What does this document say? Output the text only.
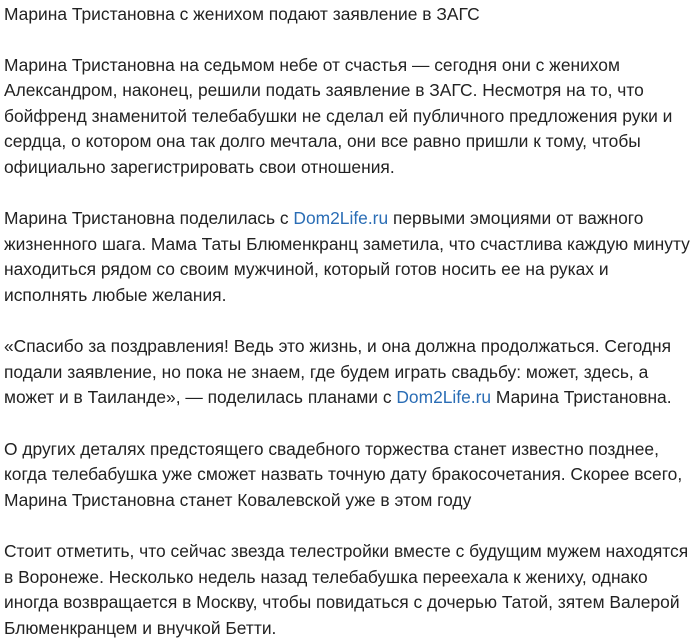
Марина Тристановна с женихом подают заявление в ЗАГС

Марина Тристановна на седьмом небе от счастья — сегодня они с женихом Александром, наконец, решили подать заявление в ЗАГС. Несмотря на то, что бойфренд знаменитой телебабушки не сделал ей публичного предложения руки и сердца, о котором она так долго мечтала, они все равно пришли к тому, чтобы официально зарегистрировать свои отношения.

Марина Тристановна поделилась с Dom2Life.ru первыми эмоциями от важного жизненного шага. Мама Таты Блюменкранц заметила, что счастлива каждую минуту находиться рядом со своим мужчиной, который готов носить ее на руках и исполнять любые желания.

«Спасибо за поздравления! Ведь это жизнь, и она должна продолжаться. Сегодня подали заявление, но пока не знаем, где будем играть свадьбу: может, здесь, а может и в Таиланде», — поделилась планами с Dom2Life.ru Марина Тристановна.

О других деталях предстоящего свадебного торжества станет известно позднее, когда телебабушка уже сможет назвать точную дату бракосочетания. Скорее всего, Марина Тристановна станет Ковалевской уже в этом году

Стоит отметить, что сейчас звезда телестройки вместе с будущим мужем находятся в Воронеже. Несколько недель назад телебабушка переехала к жениху, однако иногда возвращается в Москву, чтобы повидаться с дочерью Татой, зятем Валерой Блюменкранцем и внучкой Бетти.
